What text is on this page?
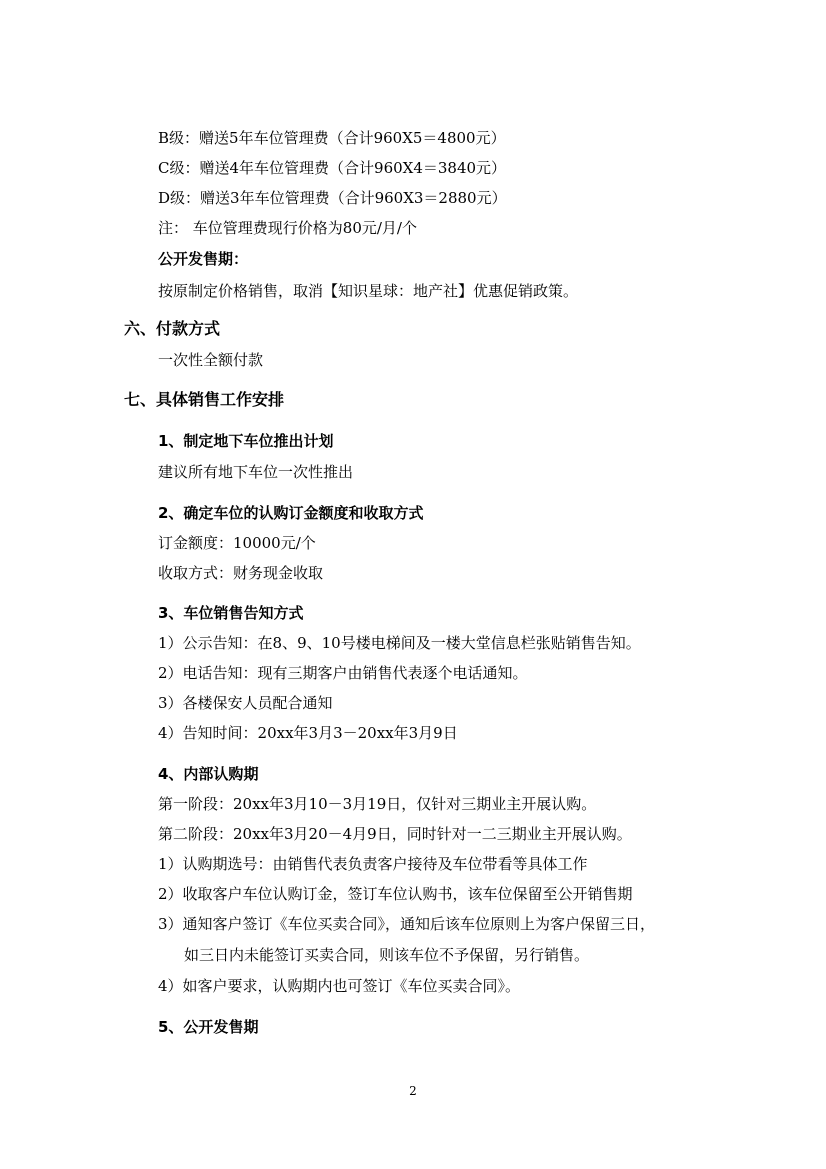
B级：赠送5年车位管理费（合计960X5＝4800元）
C级：赠送4年车位管理费（合计960X4＝3840元）
D级：赠送3年车位管理费（合计960X3＝2880元）
注： 车位管理费现行价格为80元/月/个
公开发售期：
按原制定价格销售，取消【知识星球：地产社】优惠促销政策。
六、付款方式
一次性全额付款
七、具体销售工作安排
1、制定地下车位推出计划
建议所有地下车位一次性推出
2、确定车位的认购订金额度和收取方式
订金额度：10000元/个
收取方式：财务现金收取
3、车位销售告知方式
1）公示告知：在8、9、10号楼电梯间及一楼大堂信息栏张贴销售告知。
2）电话告知：现有三期客户由销售代表逐个电话通知。
3）各楼保安人员配合通知
4）告知时间：20xx年3月3－20xx年3月9日
4、内部认购期
第一阶段：20xx年3月10－3月19日，仅针对三期业主开展认购。
第二阶段：20xx年3月20－4月9日，同时针对一二三期业主开展认购。
1）认购期选号：由销售代表负责客户接待及车位带看等具体工作
2）收取客户车位认购订金，签订车位认购书，该车位保留至公开销售期
3）通知客户签订《车位买卖合同》，通知后该车位原则上为客户保留三日，
如三日内未能签订买卖合同，则该车位不予保留，另行销售。
4）如客户要求，认购期内也可签订《车位买卖合同》。
5、公开发售期
2
